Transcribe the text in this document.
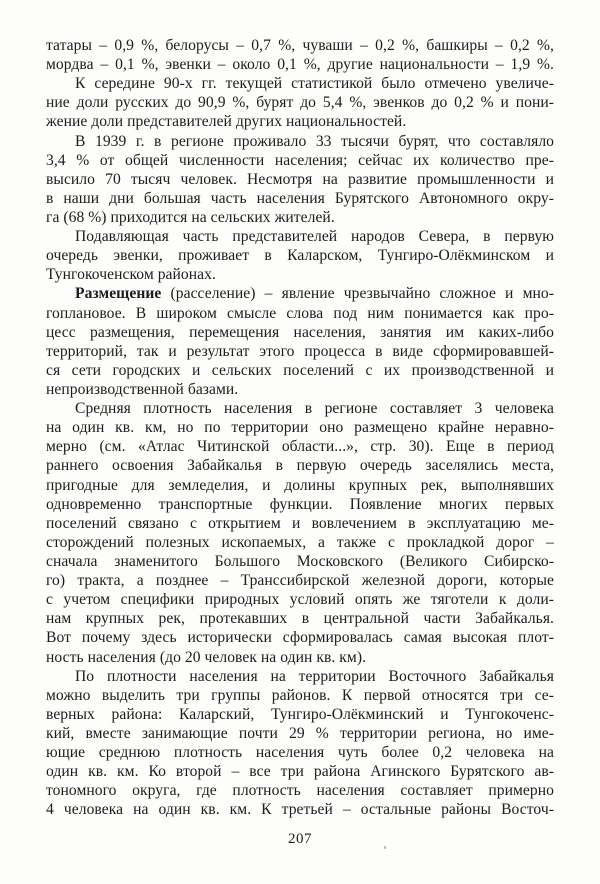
татары – 0,9 %, белорусы – 0,7 %, чуваши – 0,2 %, башкиры – 0,2 %,
мордва – 0,1 %, эвенки – около 0,1 %, другие национальности – 1,9 %.
К середине 90-х гг. текущей статистикой было отмечено увеличе-
ние доли русских до 90,9 %, бурят до 5,4 %, эвенков до 0,2 % и пони-
жение доли представителей других национальностей.
В 1939 г. в регионе проживало 33 тысячи бурят, что составляло
3,4 % от общей численности населения; сейчас их количество пре-
высило 70 тысяч человек. Несмотря на развитие промышленности и
в наши дни большая часть населения Бурятского Автономного окру-
га (68 %) приходится на сельских жителей.
Подавляющая часть представителей народов Севера, в первую
очередь эвенки, проживает в Каларском, Тунгиро-Олёкминском и
Тунгокоченском районах.
Размещение (расселение) – явление чрезвычайно сложное и мно-
гоплановое. В широком смысле слова под ним понимается как про-
цесс размещения, перемещения населения, занятия им каких-либо
территорий, так и результат этого процесса в виде сформировавшей-
ся сети городских и сельских поселений с их производственной и
непроизводственной базами.
Средняя плотность населения в регионе составляет 3 человека
на один кв. км, но по территории оно размещено крайне неравно-
мерно (см. «Атлас Читинской области...», стр. 30). Еще в период
раннего освоения Забайкалья в первую очередь заселялись места,
пригодные для земледелия, и долины крупных рек, выполнявших
одновременно транспортные функции. Появление многих первых
поселений связано с открытием и вовлечением в эксплуатацию ме-
сторождений полезных ископаемых, а также с прокладкой дорог –
сначала знаменитого Большого Московского (Великого Сибирско-
го) тракта, а позднее – Транссибирской железной дороги, которые
с учетом специфики природных условий опять же тяготели к доли-
нам крупных рек, протекавших в центральной части Забайкалья.
Вот почему здесь исторически сформировалась самая высокая плот-
ность населения (до 20 человек на один кв. км).
По плотности населения на территории Восточного Забайкалья
можно выделить три группы районов. К первой относятся три се-
верных района: Каларский, Тунгиро-Олёкминский и Тунгокоченс-
кий, вместе занимающие почти 29 % территории региона, но име-
ющие среднюю плотность населения чуть более 0,2 человека на
один кв. км. Ко второй – все три района Агинского Бурятского ав-
тономного округа, где плотность населения составляет примерно
4 человека на один кв. км. К третьей – остальные районы Восточ-
207
